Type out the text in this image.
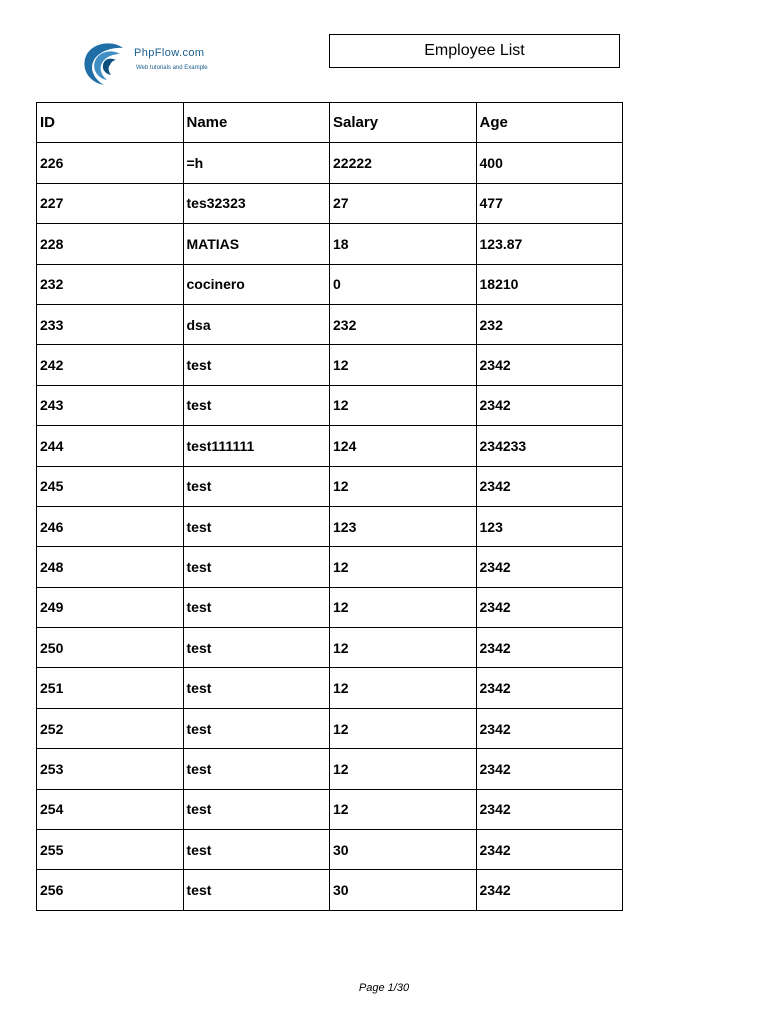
PhpFlow.com
Web tutorials and Example
Employee List
ID	Name	Salary	Age
226	=h	22222	400
227	tes32323	27	477
228	MATIAS	18	123.87
232	cocinero	0	18210
233	dsa	232	232
242	test	12	2342
243	test	12	2342
244	test111111	124	234233
245	test	12	2342
246	test	123	123
248	test	12	2342
249	test	12	2342
250	test	12	2342
251	test	12	2342
252	test	12	2342
253	test	12	2342
254	test	12	2342
255	test	30	2342
256	test	30	2342
Page 1/30
